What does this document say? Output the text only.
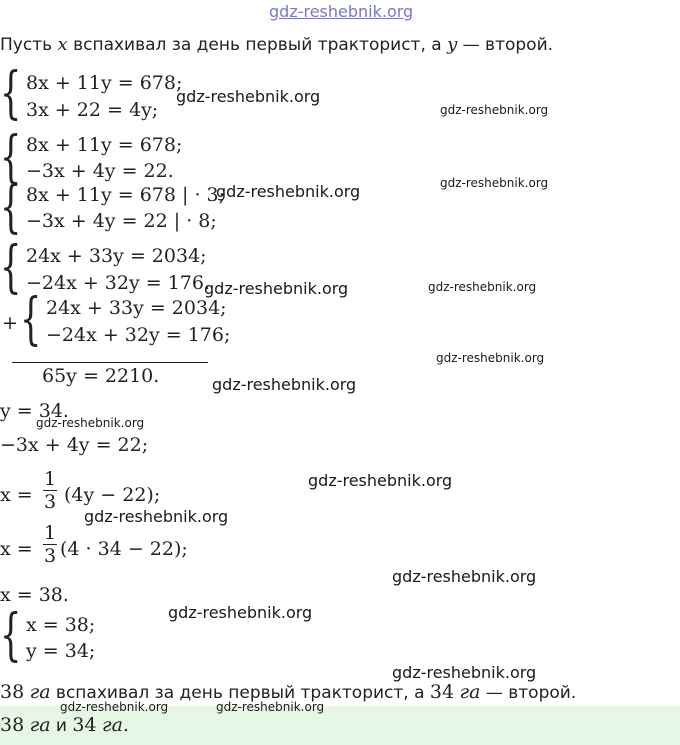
gdz-reshebnik.org
Пусть x вспахивал за день первый тракторист, а y — второй.
{ 8x + 11y = 678;
3x + 22 = 4y;
{ 8x + 11y = 678;
−3x + 4y = 22.
{ 8x + 11y = 678 | · 3;
−3x + 4y = 22 | · 8;
{ 24x + 33y = 2034;
−24x + 32y = 176.
+ { 24x + 33y = 2034;
−24x + 32y = 176;
65y = 2210.
y = 34.
−3x + 4y = 22;
x =
1
3 (4y − 22);
x =
1
3 (4 · 34 − 22);
x = 38.
{ x = 38;
y = 34;
38 га вспахивал за день первый тракторист, а 34 га — второй.
38 га и 34 га.
gdz-reshebnik.org
gdz-reshebnik.org
gdz-reshebnik.org	gdz-reshebnik.org
gdz-reshebnik.org	gdz-reshebnik.org
gdz-reshebnik.org
gdz-reshebnik.org
gdz-reshebnik.org
gdz-reshebnik.org
gdz-reshebnik.org
gdz-reshebnik.org
gdz-reshebnik.org
gdz-reshebnik.org
gdz-reshebnik.org	gdz-reshebnik.org
